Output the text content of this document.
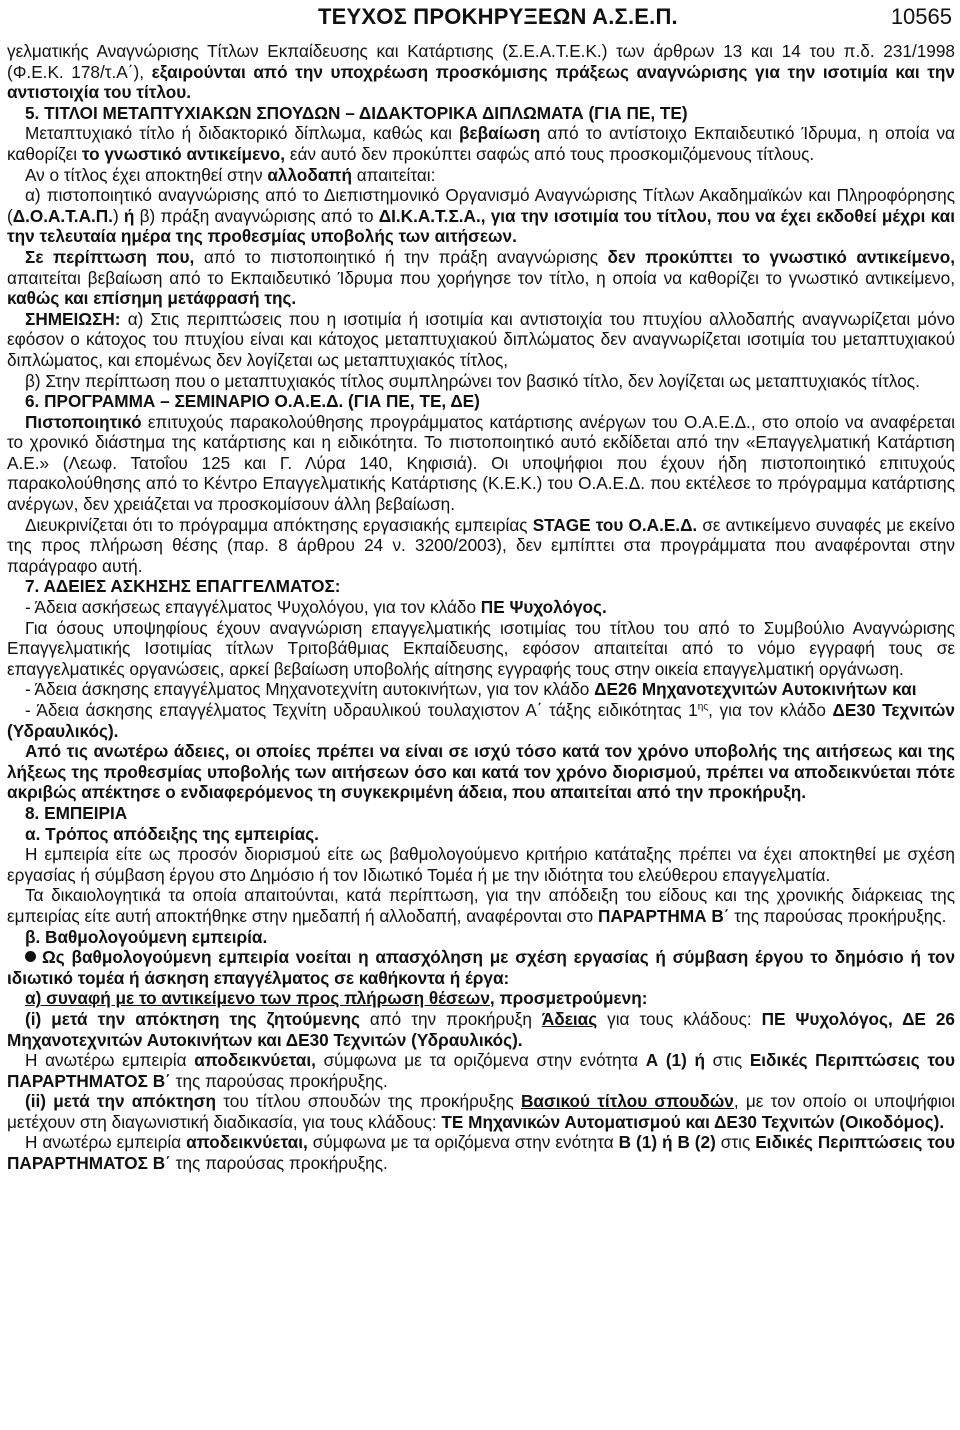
ΤΕΥΧΟΣ ΠΡΟΚΗΡΥΞΕΩΝ Α.Σ.Ε.Π.	10565

γελματικής Αναγνώρισης Τίτλων Εκπαίδευσης και Κατάρτισης (Σ.Ε.Α.Τ.Ε.Κ.) των άρθρων 13 και 14 του π.δ. 231/1998 (Φ.Ε.Κ. 178/τ.Α΄), εξαιρούνται από την υποχρέωση προσκόμισης πράξεως αναγνώρισης για την ισοτιμία και την αντιστοιχία του τίτλου.

5. ΤΙΤΛΟΙ ΜΕΤΑΠΤΥΧΙΑΚΩΝ ΣΠΟΥΔΩΝ – ΔΙΔΑΚΤΟΡΙΚΑ ΔΙΠΛΩΜΑΤΑ (ΓΙΑ ΠΕ, ΤΕ)

Μεταπτυχιακό τίτλο ή διδακτορικό δίπλωμα, καθώς και βεβαίωση από το αντίστοιχο Εκπαιδευτικό Ίδρυμα, η οποία να καθορίζει το γνωστικό αντικείμενο, εάν αυτό δεν προκύπτει σαφώς από τους προσκομιζόμενους τίτλους.

Αν ο τίτλος έχει αποκτηθεί στην αλλοδαπή απαιτείται:

α) πιστοποιητικό αναγνώρισης από το Διεπιστημονικό Οργανισμό Αναγνώρισης Τίτλων Ακαδημαϊκών και Πληροφόρησης (Δ.Ο.Α.Τ.Α.Π.) ή β) πράξη αναγνώρισης από το ΔΙ.Κ.Α.Τ.Σ.Α., για την ισοτιμία του τίτλου, που να έχει εκδοθεί μέχρι και την τελευταία ημέρα της προθεσμίας υποβολής των αιτήσεων.

Σε περίπτωση που, από το πιστοποιητικό ή την πράξη αναγνώρισης δεν προκύπτει το γνωστικό αντικείμενο, απαιτείται βεβαίωση από το Εκπαιδευτικό Ίδρυμα που χορήγησε τον τίτλο, η οποία να καθορίζει το γνωστικό αντικείμενο, καθώς και επίσημη μετάφρασή της.

ΣΗΜΕΙΩΣΗ: α) Στις περιπτώσεις που η ισοτιμία ή ισοτιμία και αντιστοιχία του πτυχίου αλλοδαπής αναγνωρίζεται μόνο εφόσον ο κάτοχος του πτυχίου είναι και κάτοχος μεταπτυχιακού διπλώματος δεν αναγνωρίζεται ισοτιμία του μεταπτυχιακού διπλώματος, και επομένως δεν λογίζεται ως μεταπτυχιακός τίτλος,

β) Στην περίπτωση που ο μεταπτυχιακός τίτλος συμπληρώνει τον βασικό τίτλο, δεν λογίζεται ως μεταπτυχιακός τίτλος.

6. ΠΡΟΓΡΑΜΜΑ – ΣΕΜΙΝΑΡΙΟ Ο.Α.Ε.Δ. (ΓΙΑ ΠΕ, ΤΕ, ΔΕ)

Πιστοποιητικό επιτυχούς παρακολούθησης προγράμματος κατάρτισης ανέργων του Ο.Α.Ε.Δ., στο οποίο να αναφέρεται το χρονικό διάστημα της κατάρτισης και η ειδικότητα. Το πιστοποιητικό αυτό εκδίδεται από την «Επαγγελματική Κατάρτιση Α.Ε.» (Λεωφ. Τατοΐου 125 και Γ. Λύρα 140, Κηφισιά). Οι υποψήφιοι που έχουν ήδη πιστοποιητικό επιτυχούς παρακολούθησης από το Κέντρο Επαγγελματικής Κατάρτισης (Κ.Ε.Κ.) του Ο.Α.Ε.Δ. που εκτέλεσε το πρόγραμμα κατάρτισης ανέργων, δεν χρειάζεται να προσκομίσουν άλλη βεβαίωση.

Διευκρινίζεται ότι το πρόγραμμα απόκτησης εργασιακής εμπειρίας STAGE του Ο.Α.Ε.Δ. σε αντικείμενο συναφές με εκείνο της προς πλήρωση θέσης (παρ. 8 άρθρου 24 ν. 3200/2003), δεν εμπίπτει στα προγράμματα που αναφέρονται στην παράγραφο αυτή.

7. ΑΔΕΙΕΣ ΑΣΚΗΣΗΣ ΕΠΑΓΓΕΛΜΑΤΟΣ:

- Άδεια ασκήσεως επαγγέλματος Ψυχολόγου, για τον κλάδο ΠΕ Ψυχολόγος.

Για όσους υποψηφίους έχουν αναγνώριση επαγγελματικής ισοτιμίας του τίτλου του από το Συμβούλιο Αναγνώρισης Επαγγελματικής Ισοτιμίας τίτλων Τριτοβάθμιας Εκπαίδευσης, εφόσον απαιτείται από το νόμο εγγραφή τους σε επαγγελματικές οργανώσεις, αρκεί βεβαίωση υποβολής αίτησης εγγραφής τους στην οικεία επαγγελματική οργάνωση.

- Άδεια άσκησης επαγγέλματος Μηχανοτεχνίτη αυτοκινήτων, για τον κλάδο ΔΕ26 Μηχανοτεχνιτών Αυτοκινήτων και

- Άδεια άσκησης επαγγέλματος Τεχνίτη υδραυλικού τουλαχιστον Α΄ τάξης ειδικότητας $1^{\eta\varsigma}$, για τον κλάδο ΔΕ30 Τεχνιτών (Υδραυλικός).

Από τις ανωτέρω άδειες, οι οποίες πρέπει να είναι σε ισχύ τόσο κατά τον χρόνο υποβολής της αιτήσεως και της λήξεως της προθεσμίας υποβολής των αιτήσεων όσο και κατά τον χρόνο διορισμού, πρέπει να αποδεικνύεται πότε ακριβώς απέκτησε ο ενδιαφερόμενος τη συγκεκριμένη άδεια, που απαιτείται από την προκήρυξη.

8. ΕΜΠΕΙΡΙΑ

α. Τρόπος απόδειξης της εμπειρίας.

Η εμπειρία είτε ως προσόν διορισμού είτε ως βαθμολογούμενο κριτήριο κατάταξης πρέπει να έχει αποκτηθεί με σχέση εργασίας ή σύμβαση έργου στο Δημόσιο ή τον Ιδιωτικό Τομέα ή με την ιδιότητα του ελεύθερου επαγγελματία.

Τα δικαιολογητικά τα οποία απαιτούνται, κατά περίπτωση, για την απόδειξη του είδους και της χρονικής διάρκειας της εμπειρίας είτε αυτή αποκτήθηκε στην ημεδαπή ή αλλοδαπή, αναφέρονται στο ΠΑΡΑΡΤΗΜΑ Β΄ της παρούσας προκήρυξης.

β. Βαθμολογούμενη εμπειρία.

Ως βαθμολογούμενη εμπειρία νοείται η απασχόληση με σχέση εργασίας ή σύμβαση έργου το δημόσιο ή τον ιδιωτικό τομέα ή άσκηση επαγγέλματος σε καθήκοντα ή έργα:

α) συναφή με το αντικείμενο των προς πλήρωση θέσεων, προσμετρούμενη:

(i) μετά την απόκτηση της ζητούμενης από την προκήρυξη Άδειας για τους κλάδους: ΠΕ Ψυχολόγος, ΔΕ 26 Μηχανοτεχνιτών Αυτοκινήτων και ΔΕ30 Τεχνιτών (Υδραυλικός).

Η ανωτέρω εμπειρία αποδεικνύεται, σύμφωνα με τα οριζόμενα στην ενότητα Α (1) ή στις Ειδικές Περιπτώσεις του ΠΑΡΑΡΤΗΜΑΤΟΣ Β΄ της παρούσας προκήρυξης.

(ii) μετά την απόκτηση του τίτλου σπουδών της προκήρυξης Βασικού τίτλου σπουδών, με τον οποίο οι υποψήφιοι μετέχουν στη διαγωνιστική διαδικασία, για τους κλάδους: ΤΕ Μηχανικών Αυτοματισμού και ΔΕ30 Τεχνιτών (Οικοδόμος).

Η ανωτέρω εμπειρία αποδεικνύεται, σύμφωνα με τα οριζόμενα στην ενότητα Β (1) ή Β (2) στις Ειδικές Περιπτώσεις του ΠΑΡΑΡΤΗΜΑΤΟΣ Β΄ της παρούσας προκήρυξης.
